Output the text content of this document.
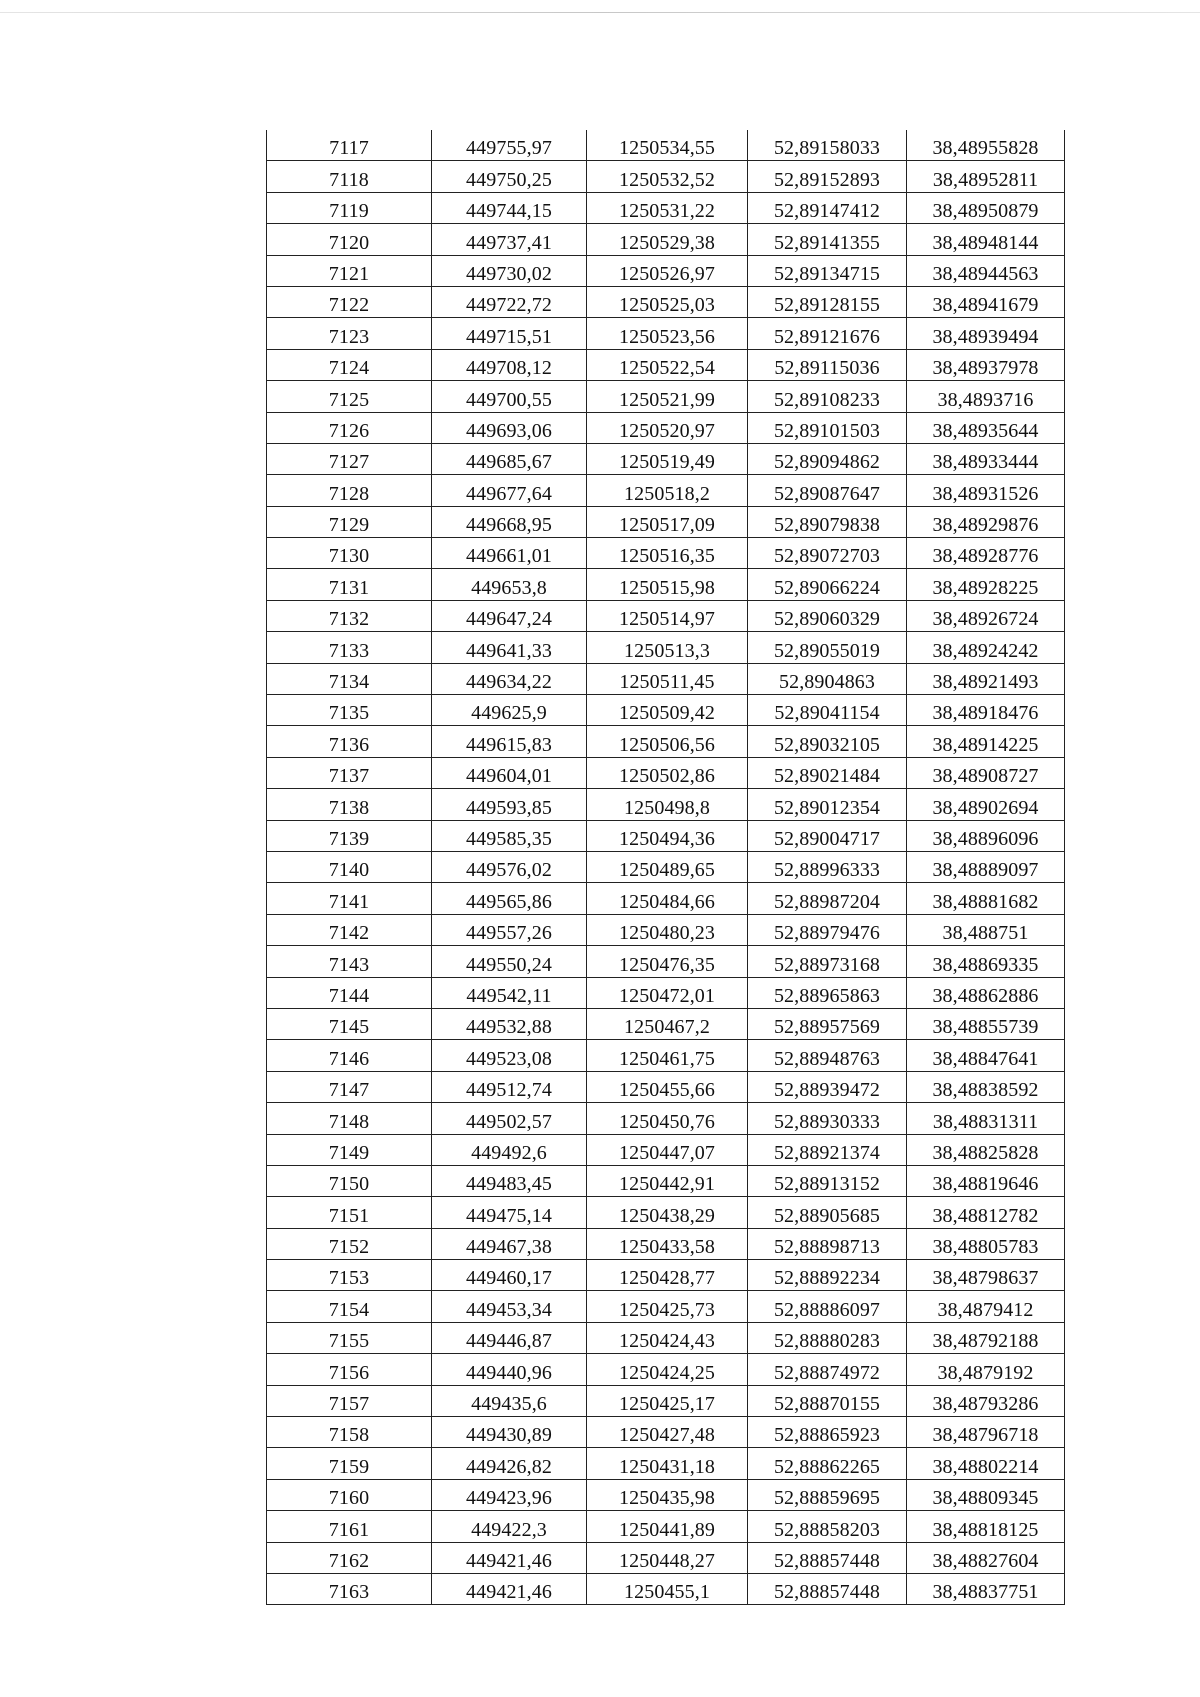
7117	449755,97	1250534,55	52,89158033	38,48955828
7118	449750,25	1250532,52	52,89152893	38,48952811
7119	449744,15	1250531,22	52,89147412	38,48950879
7120	449737,41	1250529,38	52,89141355	38,48948144
7121	449730,02	1250526,97	52,89134715	38,48944563
7122	449722,72	1250525,03	52,89128155	38,48941679
7123	449715,51	1250523,56	52,89121676	38,48939494
7124	449708,12	1250522,54	52,89115036	38,48937978
7125	449700,55	1250521,99	52,89108233	38,4893716
7126	449693,06	1250520,97	52,89101503	38,48935644
7127	449685,67	1250519,49	52,89094862	38,48933444
7128	449677,64	1250518,2	52,89087647	38,48931526
7129	449668,95	1250517,09	52,89079838	38,48929876
7130	449661,01	1250516,35	52,89072703	38,48928776
7131	449653,8	1250515,98	52,89066224	38,48928225
7132	449647,24	1250514,97	52,89060329	38,48926724
7133	449641,33	1250513,3	52,89055019	38,48924242
7134	449634,22	1250511,45	52,8904863	38,48921493
7135	449625,9	1250509,42	52,89041154	38,48918476
7136	449615,83	1250506,56	52,89032105	38,48914225
7137	449604,01	1250502,86	52,89021484	38,48908727
7138	449593,85	1250498,8	52,89012354	38,48902694
7139	449585,35	1250494,36	52,89004717	38,48896096
7140	449576,02	1250489,65	52,88996333	38,48889097
7141	449565,86	1250484,66	52,88987204	38,48881682
7142	449557,26	1250480,23	52,88979476	38,488751
7143	449550,24	1250476,35	52,88973168	38,48869335
7144	449542,11	1250472,01	52,88965863	38,48862886
7145	449532,88	1250467,2	52,88957569	38,48855739
7146	449523,08	1250461,75	52,88948763	38,48847641
7147	449512,74	1250455,66	52,88939472	38,48838592
7148	449502,57	1250450,76	52,88930333	38,48831311
7149	449492,6	1250447,07	52,88921374	38,48825828
7150	449483,45	1250442,91	52,88913152	38,48819646
7151	449475,14	1250438,29	52,88905685	38,48812782
7152	449467,38	1250433,58	52,88898713	38,48805783
7153	449460,17	1250428,77	52,88892234	38,48798637
7154	449453,34	1250425,73	52,88886097	38,4879412
7155	449446,87	1250424,43	52,88880283	38,48792188
7156	449440,96	1250424,25	52,88874972	38,4879192
7157	449435,6	1250425,17	52,88870155	38,48793286
7158	449430,89	1250427,48	52,88865923	38,48796718
7159	449426,82	1250431,18	52,88862265	38,48802214
7160	449423,96	1250435,98	52,88859695	38,48809345
7161	449422,3	1250441,89	52,88858203	38,48818125
7162	449421,46	1250448,27	52,88857448	38,48827604
7163	449421,46	1250455,1	52,88857448	38,48837751
